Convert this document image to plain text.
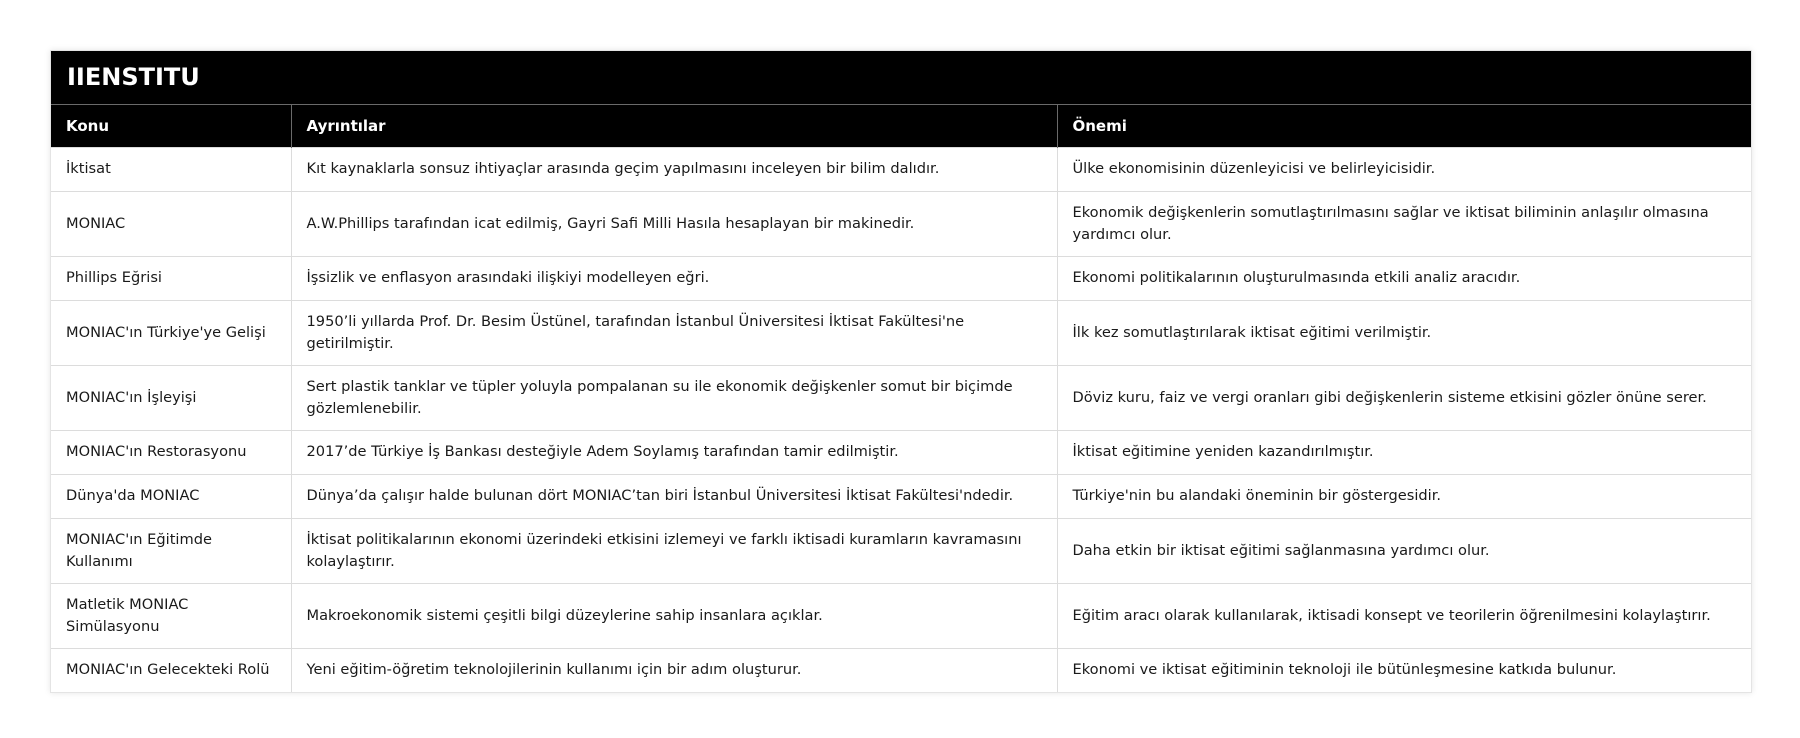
IIENSTITU
Konu	Ayrıntılar	Önemi
İktisat	Kıt kaynaklarla sonsuz ihtiyaçlar arasında geçim yapılmasını inceleyen bir bilim dalıdır.	Ülke ekonomisinin düzenleyicisi ve belirleyicisidir.
MONIAC	A.W.Phillips tarafından icat edilmiş, Gayri Safi Milli Hasıla hesaplayan bir makinedir.	Ekonomik değişkenlerin somutlaştırılmasını sağlar ve iktisat biliminin anlaşılır olmasına yardımcı olur.
Phillips Eğrisi	İşsizlik ve enflasyon arasındaki ilişkiyi modelleyen eğri.	Ekonomi politikalarının oluşturulmasında etkili analiz aracıdır.
MONIAC'ın Türkiye'ye Gelişi	1950’li yıllarda Prof. Dr. Besim Üstünel, tarafından İstanbul Üniversitesi İktisat Fakültesi'ne getirilmiştir.	İlk kez somutlaştırılarak iktisat eğitimi verilmiştir.
MONIAC'ın İşleyişi	Sert plastik tanklar ve tüpler yoluyla pompalanan su ile ekonomik değişkenler somut bir biçimde gözlemlenebilir.	Döviz kuru, faiz ve vergi oranları gibi değişkenlerin sisteme etkisini gözler önüne serer.
MONIAC'ın Restorasyonu	2017’de Türkiye İş Bankası desteğiyle Adem Soylamış tarafından tamir edilmiştir.	İktisat eğitimine yeniden kazandırılmıştır.
Dünya'da MONIAC	Dünya’da çalışır halde bulunan dört MONIAC’tan biri İstanbul Üniversitesi İktisat Fakültesi'ndedir.	Türkiye'nin bu alandaki öneminin bir göstergesidir.
MONIAC'ın Eğitimde Kullanımı	İktisat politikalarının ekonomi üzerindeki etkisini izlemeyi ve farklı iktisadi kuramların kavramasını kolaylaştırır.	Daha etkin bir iktisat eğitimi sağlanmasına yardımcı olur.
Matletik MONIAC Simülasyonu	Makroekonomik sistemi çeşitli bilgi düzeylerine sahip insanlara açıklar.	Eğitim aracı olarak kullanılarak, iktisadi konsept ve teorilerin öğrenilmesini kolaylaştırır.
MONIAC'ın Gelecekteki Rolü	Yeni eğitim-öğretim teknolojilerinin kullanımı için bir adım oluşturur.	Ekonomi ve iktisat eğitiminin teknoloji ile bütünleşmesine katkıda bulunur.
